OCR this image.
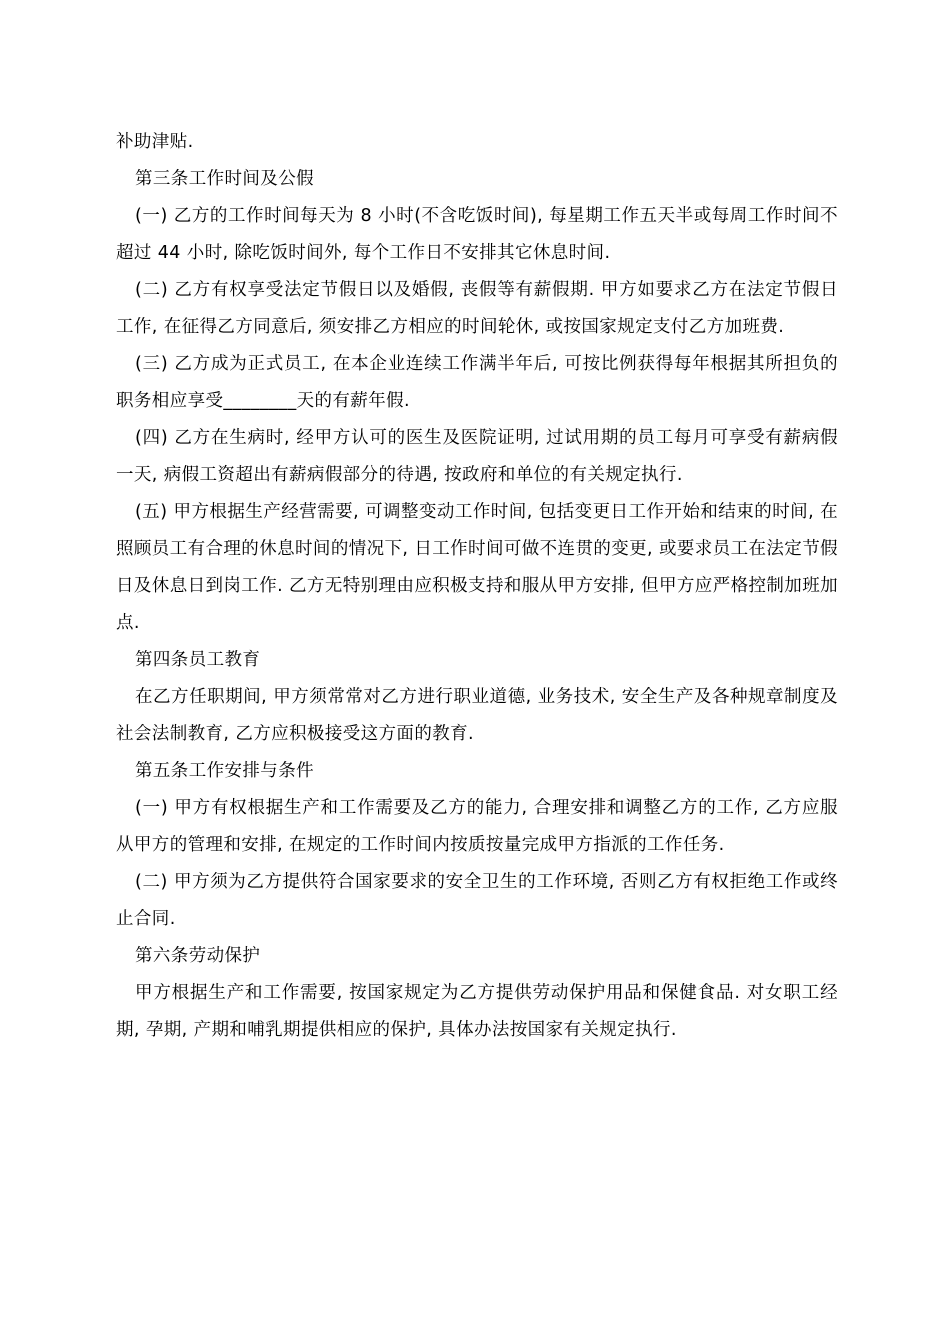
补助津贴.

第三条工作时间及公假

(一) 乙方的工作时间每天为 8 小时(不含吃饭时间), 每星期工作五天半或每周工作时间不超过 44 小时, 除吃饭时间外, 每个工作日不安排其它休息时间.

(二) 乙方有权享受法定节假日以及婚假, 丧假等有薪假期. 甲方如要求乙方在法定节假日工作, 在征得乙方同意后, 须安排乙方相应的时间轮休, 或按国家规定支付乙方加班费.

(三) 乙方成为正式员工, 在本企业连续工作满半年后, 可按比例获得每年根据其所担负的职务相应享受________天的有薪年假.

(四) 乙方在生病时, 经甲方认可的医生及医院证明, 过试用期的员工每月可享受有薪病假一天, 病假工资超出有薪病假部分的待遇, 按政府和单位的有关规定执行.

(五) 甲方根据生产经营需要, 可调整变动工作时间, 包括变更日工作开始和结束的时间, 在照顾员工有合理的休息时间的情况下, 日工作时间可做不连贯的变更, 或要求员工在法定节假日及休息日到岗工作. 乙方无特别理由应积极支持和服从甲方安排, 但甲方应严格控制加班加点.

第四条员工教育

在乙方任职期间, 甲方须常常对乙方进行职业道德, 业务技术, 安全生产及各种规章制度及社会法制教育, 乙方应积极接受这方面的教育.

第五条工作安排与条件

(一) 甲方有权根据生产和工作需要及乙方的能力, 合理安排和调整乙方的工作, 乙方应服从甲方的管理和安排, 在规定的工作时间内按质按量完成甲方指派的工作任务.

(二) 甲方须为乙方提供符合国家要求的安全卫生的工作环境, 否则乙方有权拒绝工作或终止合同.

第六条劳动保护

甲方根据生产和工作需要, 按国家规定为乙方提供劳动保护用品和保健食品. 对女职工经期, 孕期, 产期和哺乳期提供相应的保护, 具体办法按国家有关规定执行.
